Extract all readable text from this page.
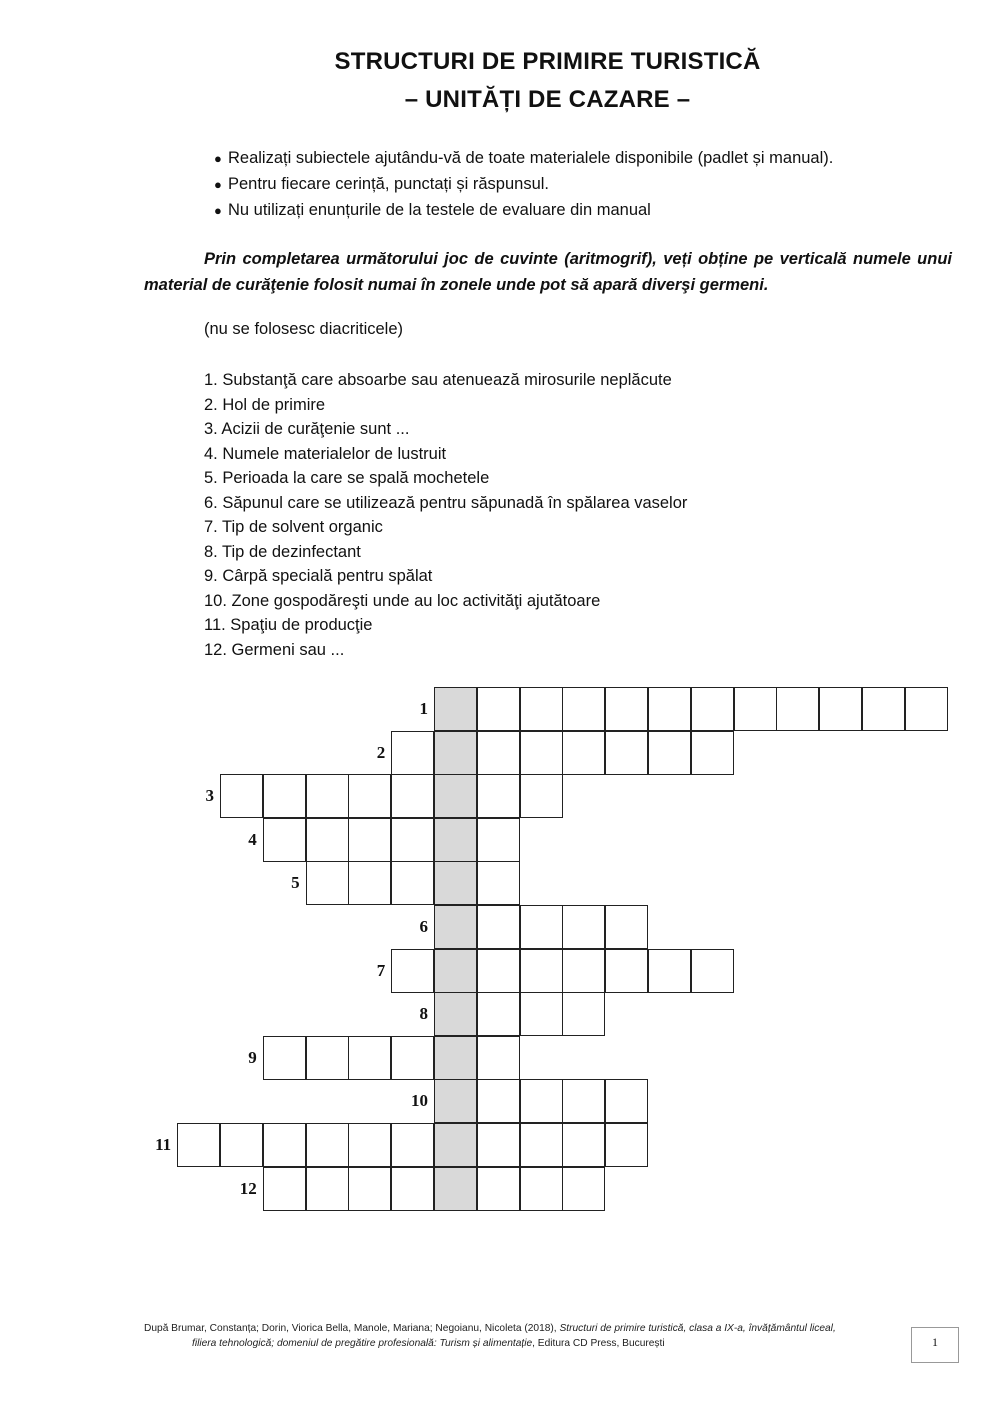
STRUCTURI DE PRIMIRE TURISTICĂ
– UNITĂȚI DE CAZARE –
● Realizați subiectele ajutându-vă de toate materialele disponibile (padlet și manual).
● Pentru fiecare cerință, punctați și răspunsul.
● Nu utilizați enunțurile de la testele de evaluare din manual

Prin completarea următorului joc de cuvinte (aritmogrif), veți obține pe verticală numele unui material de curăţenie folosit numai în zonele unde pot să apară diverşi germeni.

(nu se folosesc diacriticele)

1. Substanţă care absoarbe sau atenuează mirosurile neplăcute
2. Hol de primire
3. Acizii de curăţenie sunt ...
4. Numele materialelor de lustruit
5. Perioada la care se spală mochetele
6. Săpunul care se utilizează pentru săpunadă în spălarea vaselor
7. Tip de solvent organic
8. Tip de dezinfectant
9. Cârpă specială pentru spălat
10. Zone gospodăreşti unde au loc activităţi ajutătoare
11. Spaţiu de producţie
12. Germeni sau ...
1
2
3
4
5
6
7
8
9
10
11
12
După Brumar, Constanța; Dorin, Viorica Bella, Manole, Mariana; Negoianu, Nicoleta (2018), Structuri de primire turistică, clasa a IX-a, învățământul liceal,
filiera tehnologică; domeniul de pregătire profesională: Turism și alimentație, Editura CD Press, București	1
